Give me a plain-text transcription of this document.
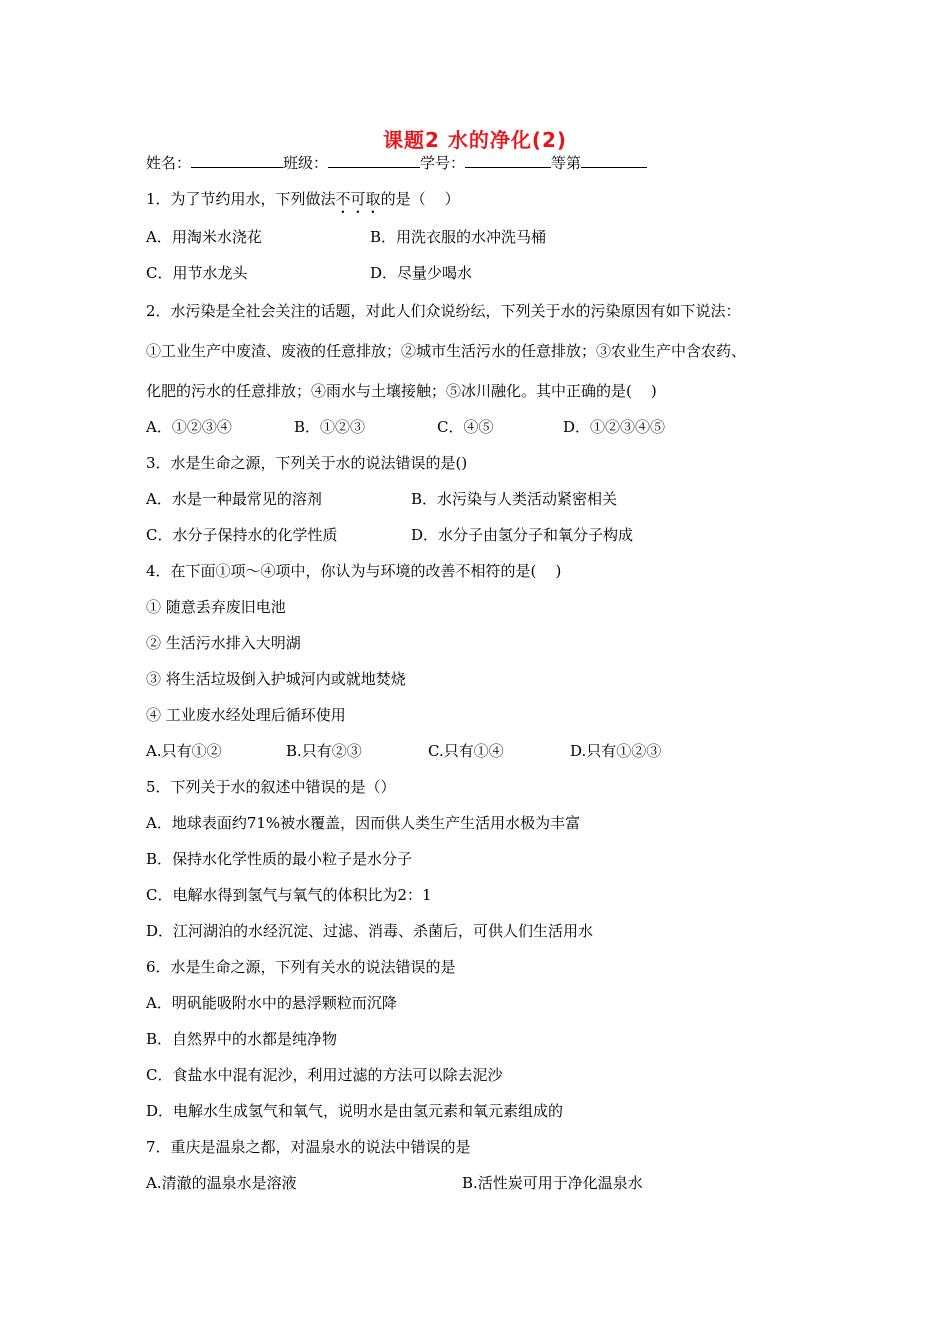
课题2 水的净化(2)
姓名：	班级：	学号：	等第
1．为了节约用水，下列做法不可取的是（    ）
A．用淘米水浇花	B．用洗衣服的水冲洗马桶
C．用节水龙头	D．尽量少喝水
2．水污染是全社会关注的话题，对此人们众说纷纭，下列关于水的污染原因有如下说法：
①工业生产中废渣、废液的任意排放；②城市生活污水的任意排放；③农业生产中含农药、
化肥的污水的任意排放；④雨水与土壤接触；⑤冰川融化。其中正确的是(    )
A．①②③④	B．①②③	C．④⑤	D．①②③④⑤
3．水是生命之源，下列关于水的说法错误的是()
A．水是一种最常见的溶剂	B．水污染与人类活动紧密相关
C．水分子保持水的化学性质	D．水分子由氢分子和氧分子构成
4．在下面①项～④项中，你认为与环境的改善不相符的是(    )
① 随意丢弃废旧电池
② 生活污水排入大明湖
③ 将生活垃圾倒入护城河内或就地焚烧
④ 工业废水经处理后循环使用
A.只有①②	B.只有②③	C.只有①④	D.只有①②③
5．下列关于水的叙述中错误的是（）
A．地球表面约71%被水覆盖，因而供人类生产生活用水极为丰富
B．保持水化学性质的最小粒子是水分子
C．电解水得到氢气与氧气的体积比为2：1
D．江河湖泊的水经沉淀、过滤、消毒、杀菌后，可供人们生活用水
6．水是生命之源，下列有关水的说法错误的是
A．明矾能吸附水中的悬浮颗粒而沉降
B．自然界中的水都是纯净物
C．食盐水中混有泥沙，利用过滤的方法可以除去泥沙
D．电解水生成氢气和氧气，说明水是由氢元素和氧元素组成的
7．重庆是温泉之都，对温泉水的说法中错误的是
A.清澈的温泉水是溶液	B.活性炭可用于净化温泉水
